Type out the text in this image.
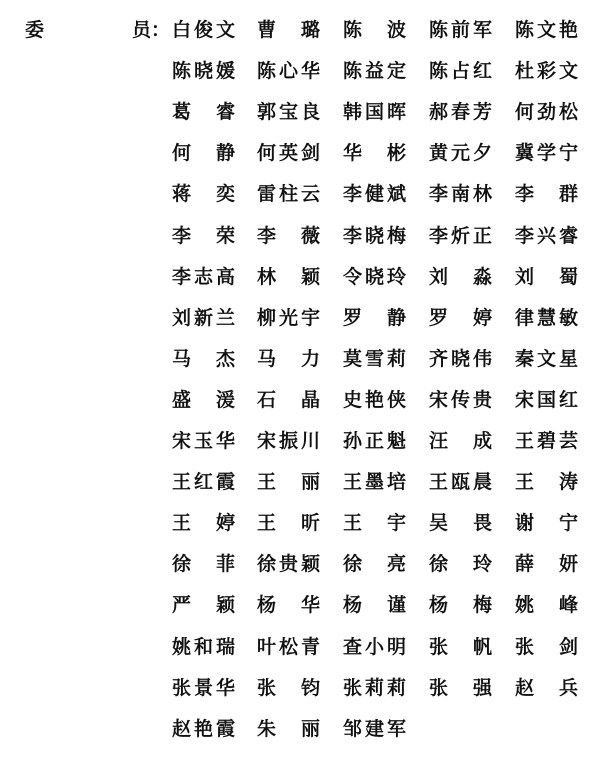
委	员： 白 俊 文 曹 璐 陈 波 陈 前 军 陈 文 艳
陈 晓 媛 陈 心 华 陈 益 定 陈 占 红 杜 彩 文
葛 睿 郭 宝 良 韩 国 晖 郝 春 芳 何 劲 松
何 静 何 英 剑 华 彬 黄 元 夕 冀 学 宁
蒋 奕 雷 柱 云 李 健 斌 李 南 林 李 群
李 荣 李 薇 李 晓 梅 李 炘 正 李 兴 睿
李 志 高 林 颖 令 晓 玲 刘 淼 刘 蜀
刘 新 兰 柳 光 宇 罗 静 罗 婷 律 慧 敏
马 杰 马 力 莫 雪 莉 齐 晓 伟 秦 文 星
盛 湲 石 晶 史 艳 侠 宋 传 贵 宋 国 红
宋 玉 华 宋 振 川 孙 正 魁 汪 成 王 碧 芸
王 红 霞 王 丽 王 墨 培 王 瓯 晨 王 涛
王 婷 王 昕 王 宇 吴 畏 谢 宁
徐 菲 徐 贵 颖 徐 亮 徐 玲 薛 妍
严 颖 杨 华 杨 谨 杨 梅 姚 峰
姚 和 瑞 叶 松 青 查 小 明 张 帆 张 剑
张 景 华 张 钧 张 莉 莉 张 强 赵 兵
赵 艳 霞 朱 丽 邹 建 军
